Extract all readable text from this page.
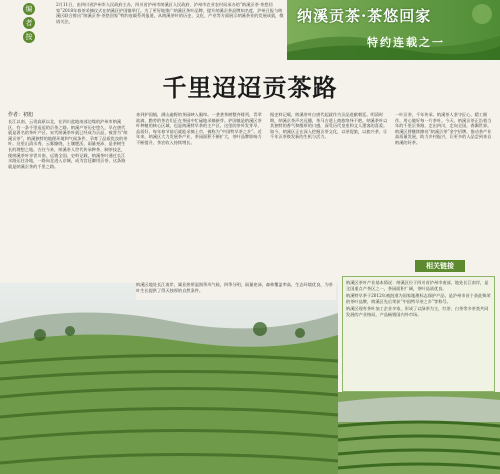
编
者
按
2月11日，由四川省泸州市人民政府主办，四川省泸州市纳溪区人民政府、泸州市农业农村局承办的“纳溪贡茶·茶悠回家”2018年春茶采摘仪式在纳溪区护国镇举行。为了更好地推广纳溪区茶叶品牌，提升纳溪贡茶品牌知名度，泸州日报与纳溪区联合推出“纳溪贡茶·茶悠回家”特约连载系列报道，从纳溪茶叶的历史、文化、产业等方面展示纳溪茶业的发展成就，敬请关注。	纳溪贡茶·茶悠回家
特约连载之一
千里迢迢贡茶路
作者：初旭
长江以南、云贵高原以北，在四川盆地南部边缘的泸州市纳溪区，有一条千里迢迢的贡茶之路。纳溪产茶历史悠久，早在唐代就是著名的茶叶产区。宋代纳溪茶叶就已经成为贡品，被誉为“纳溪贡茶”。纳溪独特的地理环境和气候条件，孕育了品质优良的茶叶。这里山清水秀，云雾缭绕，土壤肥沃，雨量充沛，是茶树生长的理想之地。古往今来，纳溪茶人世代传承种茶、制茶技艺，使纳溪茶叶享誉川南，远销全国。史料记载，纳溪茶叶通过长江水路运往各地，一路向北进入京城，成为宫廷御用贡茶，这条路就是纳溪贡茶的千里之路。
来到护国镇，满山遍野的茶园映入眼帘。一垄垄茶树整齐排列，青翠欲滴，勤劳的茶农们正在茶园中忙碌地采摘新芽。护国镇是纳溪区茶叶种植的核心区域，也是纳溪特早茶的主产区。这里的茶叶发芽早、品质好，每年春节前后就能采摘上市，被称为“中国特早茶之乡”。近年来，纳溪区大力发展茶产业，茶园面积不断扩大，茶叶品牌影响力不断提升，茶农收入持续增长。
据史料记载，纳溪茶叶自唐代起就作为贡品进献朝廷。明清时期，纳溪贡茶声名远播，茶马古道上商旅络绎不绝。纳溪茶叶以其独特的香气和醇厚的口感，深受历代皇室和文人墨客的喜爱。如今，纳溪区正在深入挖掘贡茶文化，以茶促旅，以旅兴茶，让千年贡茶焕发新的生机与活力。
一叶贡茶，千年传承。纳溪茶人坚守匠心，精工细作，用心做好每一片茶叶。今天，纳溪贡茶正沿着当年的千里贡茶路，走出四川，走向全国，香飘世界。纳溪区将继续擦亮“纳溪贡茶”金字招牌，推动茶产业高质量发展，助力乡村振兴，让更多的人品尝到来自纳溪的好茶。
相关链接

纳溪区茶叶产业基本情况：纳溪区位于四川省泸州市南部，地处长江南岸，是全国重点产茶区之一，茶园面积广阔，茶叶品质优良。

纳溪特早茶于2012年被批准为国家地理标志保护产品，是泸州市首个获此殊荣的茶叶品牌，纳溪区先后荣获“中国特早茶之乡”等称号。

纳溪区现有茶叶加工企业多家，形成了以绿茶为主，红茶、白茶等多茶类共同发展的产业格局，产品畅销国内外市场。

纳溪区地处长江南岸，属亚热带湿润季风气候，四季分明，雨量充沛，森林覆盖率高，生态环境优良，为茶叶生长提供了得天独厚的自然条件。
